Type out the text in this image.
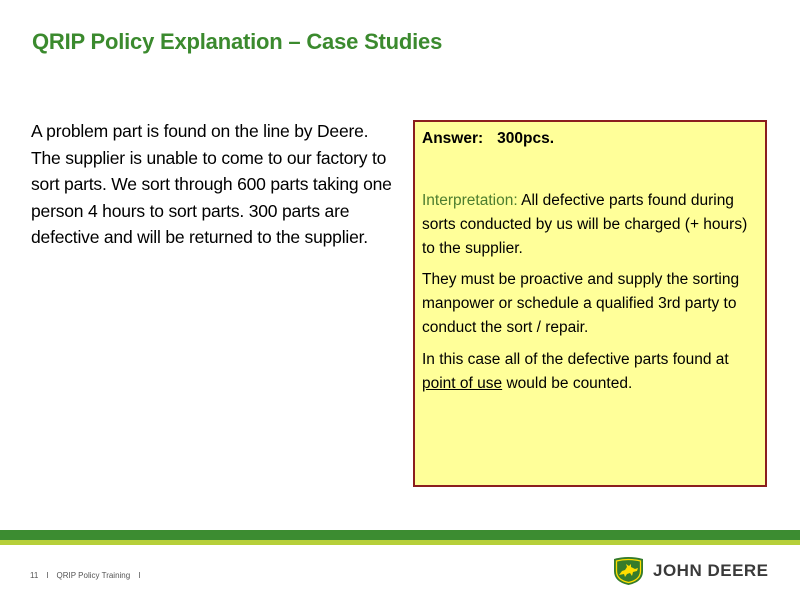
QRIP Policy Explanation – Case Studies
A problem part is found on the line by Deere. The supplier is unable to come to our factory to sort parts. We sort through 600 parts taking one person 4 hours to sort parts. 300 parts are defective and will be returned to the supplier.
Answer: 300pcs.
Interpretation: All defective parts found during sorts conducted by us will be charged (+ hours) to the supplier.
They must be proactive and supply the sorting manpower or schedule a qualified 3rd party to conduct the sort / repair.
In this case all of the defective parts found at point of use would be counted.
11 I QRIP Policy Training I	JOHN DEERE
